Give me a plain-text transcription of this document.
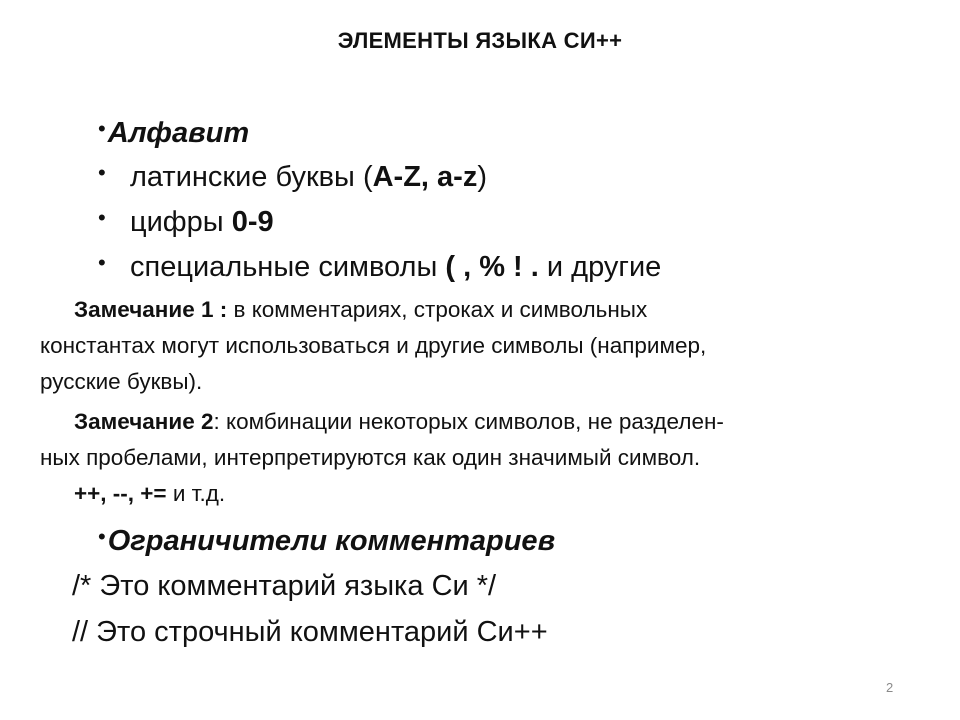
ЭЛЕМЕНТЫ ЯЗЫКА СИ++
•Алфавит
• латинские буквы (A-Z, a-z)
• цифры 0-9
• специальные символы ( , % ! . и другие
Замечание 1 : в комментариях, строках и символьных
константах могут использоваться и другие символы (например,
русские буквы).
Замечание 2: комбинации некоторых символов, не разделен-
ных пробелами, интерпретируются как один значимый символ.
++, --, += и т.д.
•Ограничители комментариев
/* Это комментарий языка Си */
// Это строчный комментарий Си++
2
